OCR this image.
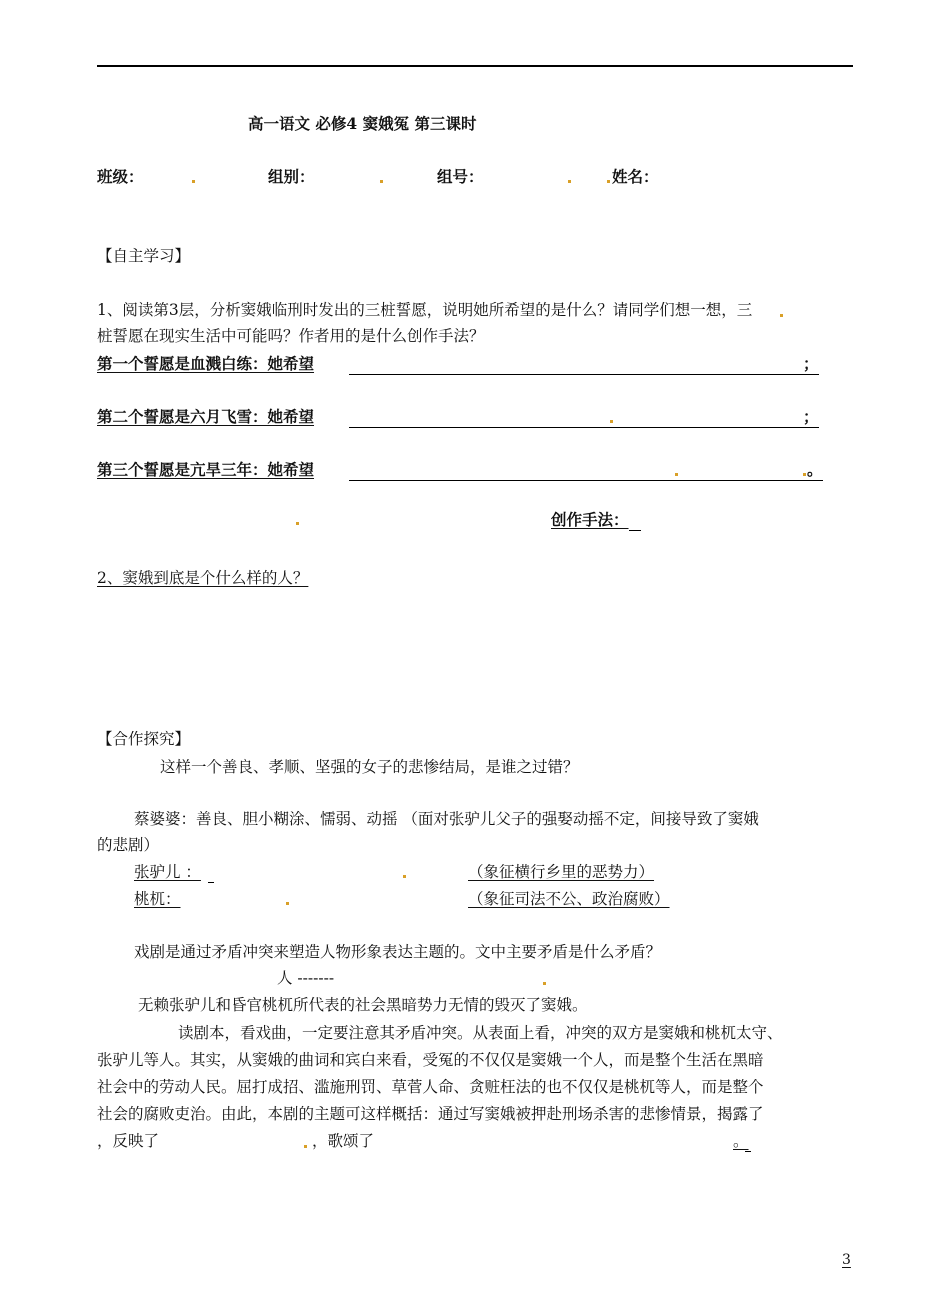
高一语文 必修4 窦娥冤 第三课时
班级：	组别：	组号：	姓名：
【自主学习】
1、阅读第3层，分析窦娥临刑时发出的三桩誓愿，说明她所希望的是什么？请同学们想一想，三
桩誓愿在现实生活中可能吗？作者用的是什么创作手法？
第一个誓愿是血溅白练：她希望	；
第二个誓愿是六月飞雪：她希望	；
第三个誓愿是亢旱三年：她希望	。
创作手法：
2、窦娥到底是个什么样的人？
【合作探究】
这样一个善良、孝顺、坚强的女子的悲惨结局，是谁之过错？
蔡婆婆：善良、胆小糊涂、懦弱、动摇 （面对张驴儿父子的强娶动摇不定，间接导致了窦娥
的悲剧）
张驴儿 ：	（象征横行乡里的恶势力）
桃杌：	（象征司法不公、政治腐败）
戏剧是通过矛盾冲突来塑造人物形象表达主题的。文中主要矛盾是什么矛盾？
人 -------
无赖张驴儿和昏官桃杌所代表的社会黑暗势力无情的毁灭了窦娥。
读剧本，看戏曲，一定要注意其矛盾冲突。从表面上看，冲突的双方是窦娥和桃杌太守、
张驴儿等人。其实，从窦娥的曲词和宾白来看，受冤的不仅仅是窦娥一个人，而是整个生活在黑暗
社会中的劳动人民。屈打成招、滥施刑罚、草菅人命、贪赃枉法的也不仅仅是桃杌等人，而是整个
社会的腐败吏治。由此，本剧的主题可这样概括：通过写窦娥被押赴刑场杀害的悲惨情景，揭露了
，反映了	，歌颂了	。
3
